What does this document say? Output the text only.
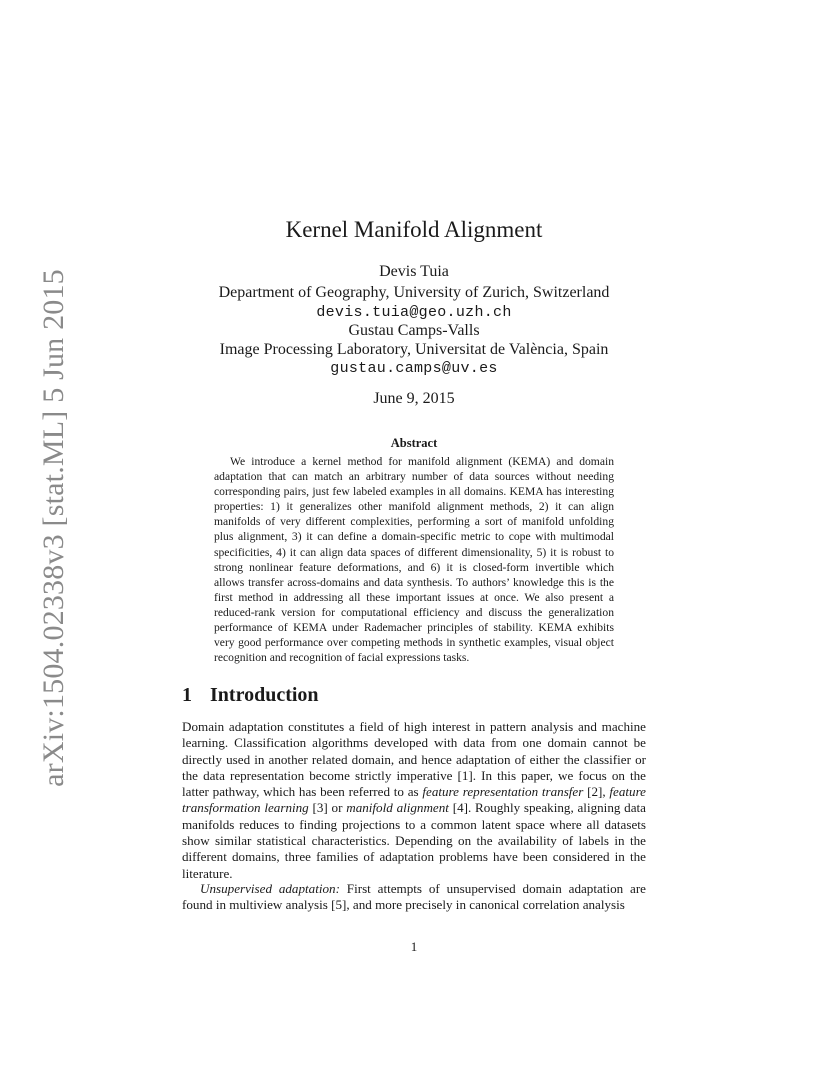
arXiv:1504.02338v3 [stat.ML] 5 Jun 2015
Kernel Manifold Alignment
Devis Tuia
Department of Geography, University of Zurich, Switzerland
devis.tuia@geo.uzh.ch
Gustau Camps-Valls
Image Processing Laboratory, Universitat de València, Spain
gustau.camps@uv.es
June 9, 2015
Abstract

We introduce a kernel method for manifold alignment (KEMA) and domain adaptation that can match an arbitrary number of data sources without needing corresponding pairs, just few labeled examples in all domains. KEMA has interesting properties: 1) it generalizes other manifold alignment methods, 2) it can align manifolds of very different complexities, performing a sort of manifold unfolding plus alignment, 3) it can define a domain-specific metric to cope with multimodal specificities, 4) it can align data spaces of different dimensionality, 5) it is robust to strong nonlinear feature deformations, and 6) it is closed-form invertible which allows transfer across-domains and data synthesis. To authors’ knowledge this is the first method in addressing all these important issues at once. We also present a reduced-rank version for computational efficiency and discuss the generalization performance of KEMA under Rademacher principles of stability. KEMA exhibits very good performance over competing methods in synthetic examples, visual object recognition and recognition of facial expressions tasks.

1 Introduction

Domain adaptation constitutes a field of high interest in pattern analysis and machine learning. Classification algorithms developed with data from one domain cannot be directly used in another related domain, and hence adaptation of either the classifier or the data representation become strictly imperative [1]. In this paper, we focus on the latter pathway, which has been referred to as feature representation transfer [2], feature transformation learning [3] or manifold alignment [4]. Roughly speaking, aligning data manifolds reduces to finding projections to a common latent space where all datasets show similar statistical characteristics. Depending on the availability of labels in the different domains, three families of adaptation problems have been considered in the literature.

Unsupervised adaptation: First attempts of unsupervised domain adaptation are found in multiview analysis [5], and more precisely in canonical correlation analysis

1
